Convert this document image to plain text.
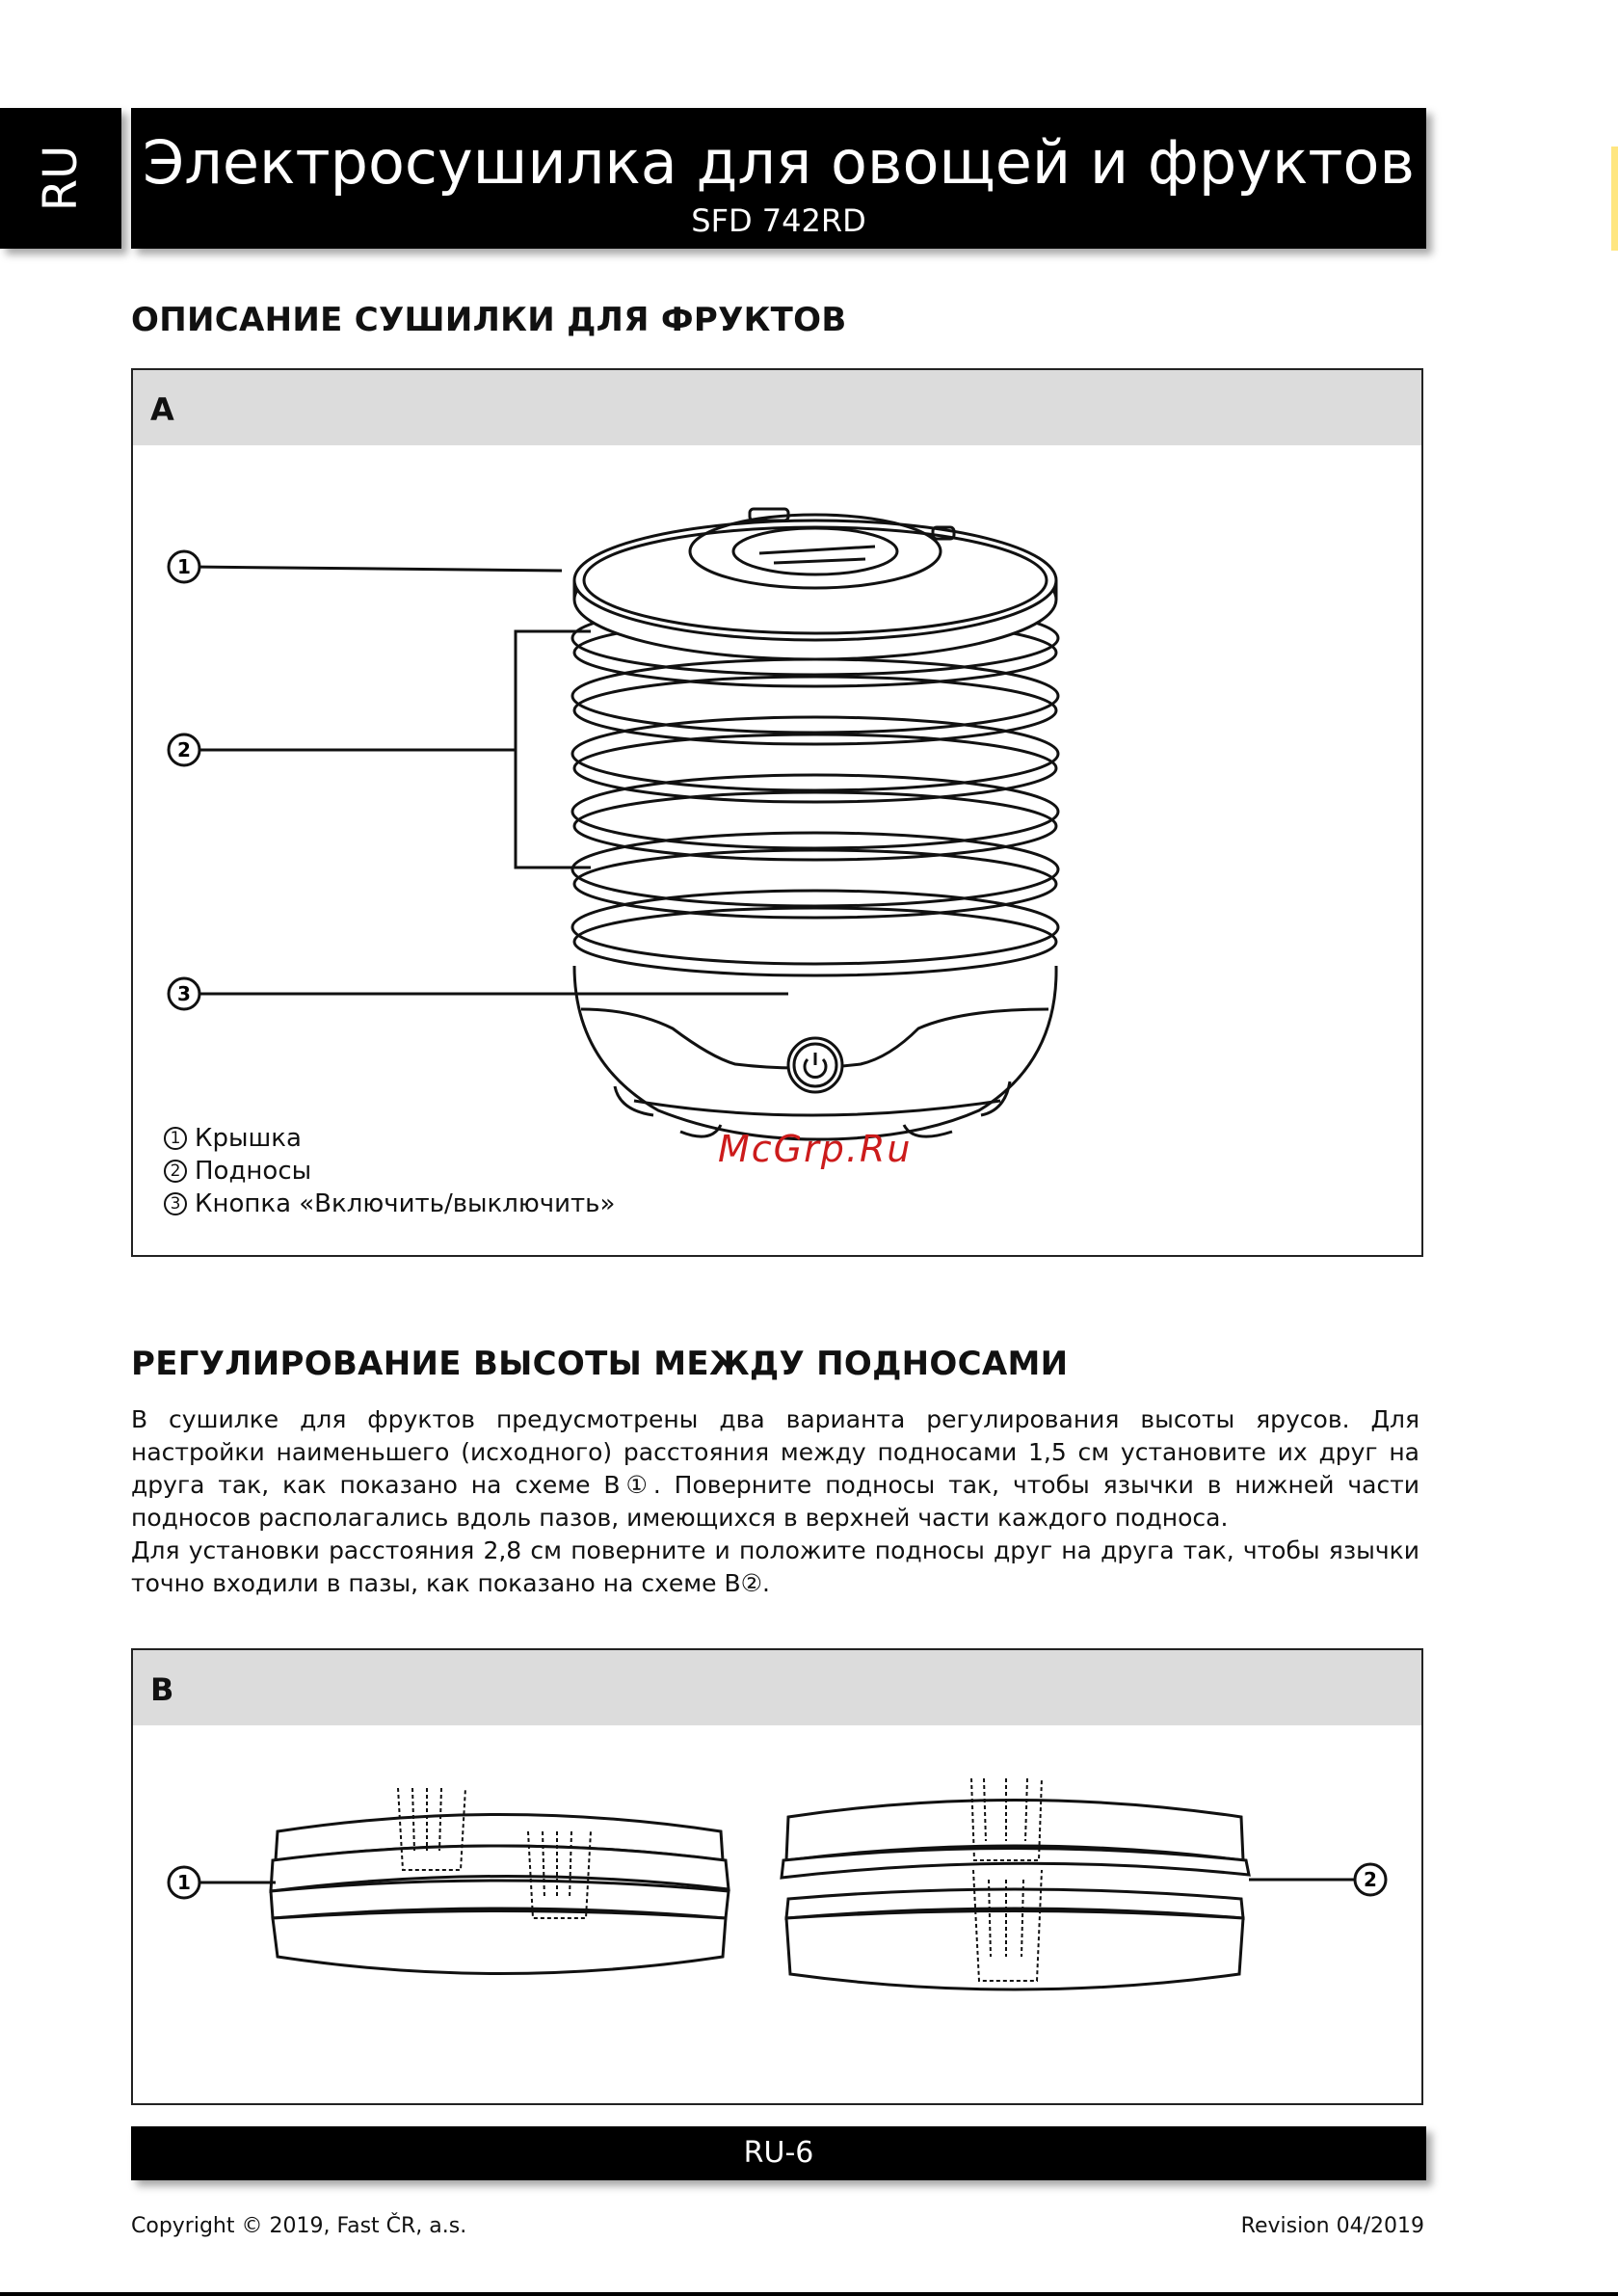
RU Электросушилка для овощей и фруктов
SFD 742RD
ОПИСАНИЕ СУШИЛКИ ДЛЯ ФРУКТОВ
A
1
2
3
1 Крышка
2 Подносы
3 Кнопка «Включить/выключить»
McGrp.Ru
РЕГУЛИРОВАНИЕ ВЫСОТЫ МЕЖДУ ПОДНОСАМИ

В сушилке для фруктов предусмотрены два варианта регулирования высоты ярусов. Для настройки наименьшего (исходного) расстояния между подносами 1,5 см установите их друг на друга так, как показано на схеме B①. Поверните подносы так, чтобы язычки в нижней части подносов располагались вдоль пазов, имеющихся в верхней части каждого подноса.

Для установки расстояния 2,8 см поверните и положите подносы друг на друга так, чтобы язычки точно входили в пазы, как показано на схеме B②.

B
1	2
RU-6
Copyright © 2019, Fast ČR, a.s.	Revision 04/2019
